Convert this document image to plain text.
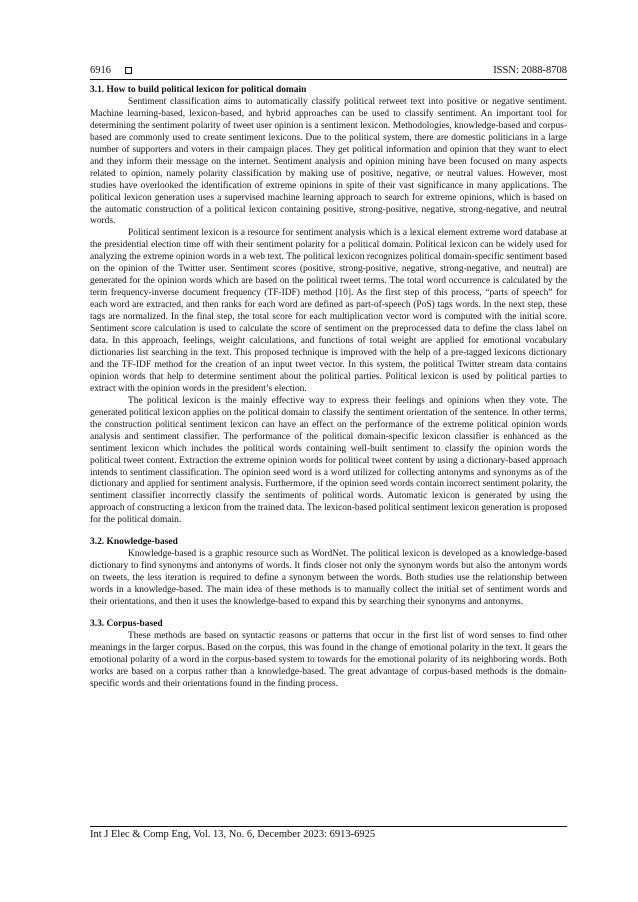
6916	ISSN: 2088-8708
3.1. How to build political lexicon for political domain

Sentiment classification aims to automatically classify political retweet text into positive or negative sentiment. Machine learning-based, lexicon-based, and hybrid approaches can be used to classify sentiment. An important tool for determining the sentiment polarity of tweet user opinion is a sentiment lexicon. Methodologies, knowledge-based and corpus-based are commonly used to create sentiment lexicons. Due to the political system, there are domestic politicians in a large number of supporters and voters in their campaign places. They get political information and opinion that they want to elect and they inform their message on the internet. Sentiment analysis and opinion mining have been focused on many aspects related to opinion, namely polarity classification by making use of positive, negative, or neutral values. However, most studies have overlooked the identification of extreme opinions in spite of their vast significance in many applications. The political lexicon generation uses a supervised machine learning approach to search for extreme opinions, which is based on the automatic construction of a political lexicon containing positive, strong-positive, negative, strong-negative, and neutral words.

Political sentiment lexicon is a resource for sentiment analysis which is a lexical element extreme word database at the presidential election time off with their sentiment polarity for a political domain. Political lexicon can be widely used for analyzing the extreme opinion words in a web text. The political lexicon recognizes political domain-specific sentiment based on the opinion of the Twitter user. Sentiment scores (positive, strong-positive, negative, strong-negative, and neutral) are generated for the opinion words which are based on the political tweet terms. The total word occurrence is calculated by the term frequency-inverse document frequency (TF-IDF) method [10]. As the first step of this process, “parts of speech” for each word are extracted, and then ranks for each word are defined as part-of-speech (PoS) tags words. In the next step, these tags are normalized. In the final step, the total score for each multiplication vector word is computed with the initial score. Sentiment score calculation is used to calculate the score of sentiment on the preprocessed data to define the class label on data. In this approach, feelings, weight calculations, and functions of total weight are applied for emotional vocabulary dictionaries list searching in the text. This proposed technique is improved with the help of a pre-tagged lexicons dictionary and the TF-IDF method for the creation of an input tweet vector. In this system, the political Twitter stream data contains opinion words that help to determine sentiment about the political parties. Political lexicon is used by political parties to extract with the opinion words in the president’s election.

The political lexicon is the mainly effective way to express their feelings and opinions when they vote. The generated political lexicon applies on the political domain to classify the sentiment orientation of the sentence. In other terms, the construction political sentiment lexicon can have an effect on the performance of the extreme political opinion words analysis and sentiment classifier. The performance of the political domain-specific lexicon classifier is enhanced as the sentiment lexicon which includes the political words containing well-built sentiment to classify the opinion words the political tweet content. Extraction the extreme opinion words for political tweet content by using a dictionary-based approach intends to sentiment classification. The opinion seed word is a word utilized for collecting antonyms and synonyms as of the dictionary and applied for sentiment analysis. Furthermore, if the opinion seed words contain incorrect sentiment polarity, the sentiment classifier incorrectly classify the sentiments of political words. Automatic lexicon is generated by using the approach of constructing a lexicon from the trained data. The lexicon-based political sentiment lexicon generation is proposed for the political domain.

3.2. Knowledge-based

Knowledge-based is a graphic resource such as WordNet. The political lexicon is developed as a knowledge-based dictionary to find synonyms and antonyms of words. It finds closer not only the synonym words but also the antonym words on tweets, the less iteration is required to define a synonym between the words. Both studies use the relationship between words in a knowledge-based. The main idea of these methods is to manually collect the initial set of sentiment words and their orientations, and then it uses the knowledge-based to expand this by searching their synonyms and antonyms.

3.3. Corpus-based

These methods are based on syntactic reasons or patterns that occur in the first list of word senses to find other meanings in the larger corpus. Based on the corpus, this was found in the change of emotional polarity in the text. It gears the emotional polarity of a word in the corpus-based system to towards for the emotional polarity of its neighboring words. Both works are based on a corpus rather than a knowledge-based. The great advantage of corpus-based methods is the domain-specific words and their orientations found in the finding process.

Int J Elec & Comp Eng, Vol. 13, No. 6, December 2023: 6913-6925
